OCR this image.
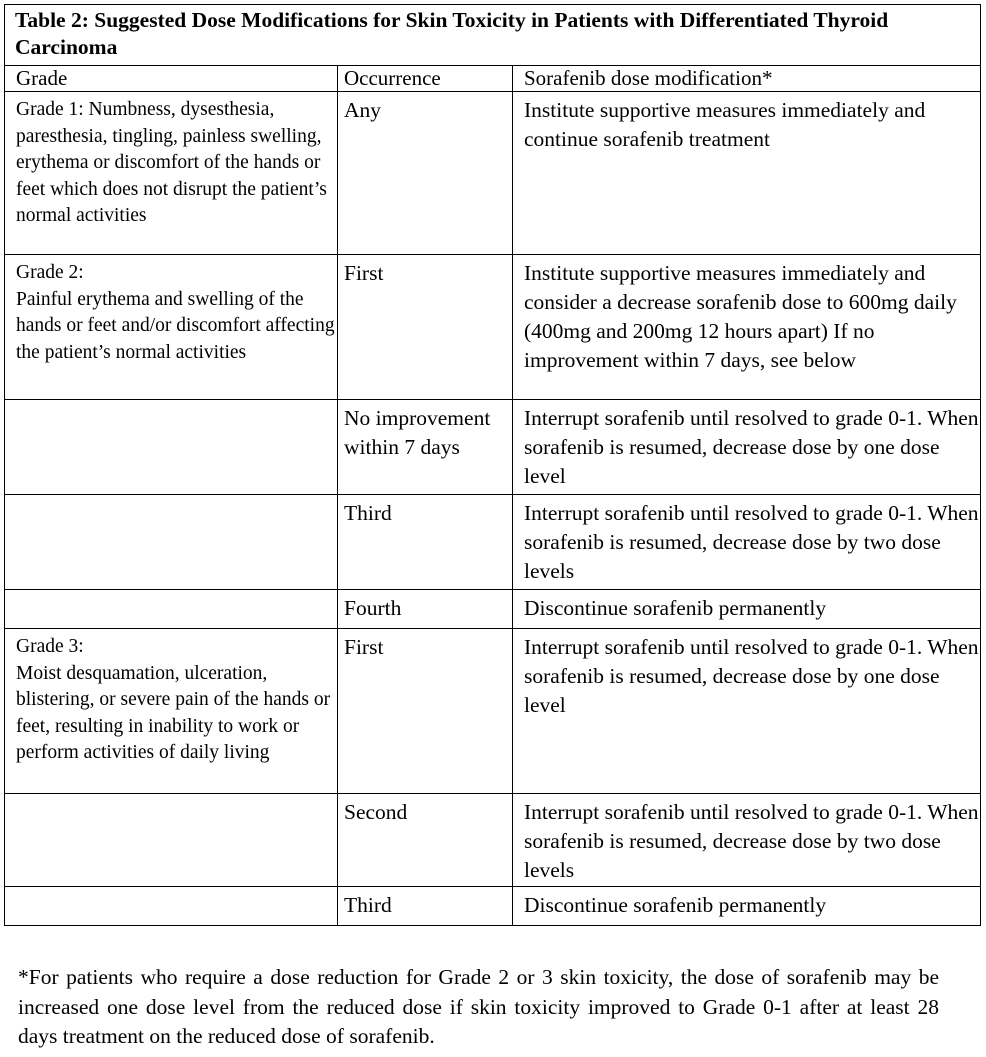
Table 2: Suggested Dose Modifications for Skin Toxicity in Patients with Differentiated Thyroid Carcinoma		
Grade	Occurrence	Sorafenib dose modification*

Grade 1: Numbness, dysesthesia, paresthesia, tingling, painless swelling, erythema or discomfort of the hands or feet which does not disrupt the patient’s normal activities	Any	Institute supportive measures immediately and continue sorafenib treatment

Grade 2:
Painful erythema and swelling of the hands or feet and/or discomfort affecting the patient’s normal activities	First	Institute supportive measures immediately and consider a decrease sorafenib dose to 600mg daily (400mg and 200mg 12 hours apart) If no improvement within 7 days, see below

	No improvement within 7 days	Interrupt sorafenib until resolved to grade 0-1. When sorafenib is resumed, decrease dose by one dose level

	Third	Interrupt sorafenib until resolved to grade 0-1. When sorafenib is resumed, decrease dose by two dose levels

	Fourth	Discontinue sorafenib permanently

Grade 3:
Moist desquamation, ulceration, blistering, or severe pain of the hands or feet, resulting in inability to work or perform activities of daily living	First	Interrupt sorafenib until resolved to grade 0-1. When sorafenib is resumed, decrease dose by one dose level

	Second	Interrupt sorafenib until resolved to grade 0-1. When sorafenib is resumed, decrease dose by two dose levels

	Third	Discontinue sorafenib permanently

*For patients who require a dose reduction for Grade 2 or 3 skin toxicity, the dose of sorafenib may be increased one dose level from the reduced dose if skin toxicity improved to Grade 0-1 after at least 28 days treatment on the reduced dose of sorafenib.
